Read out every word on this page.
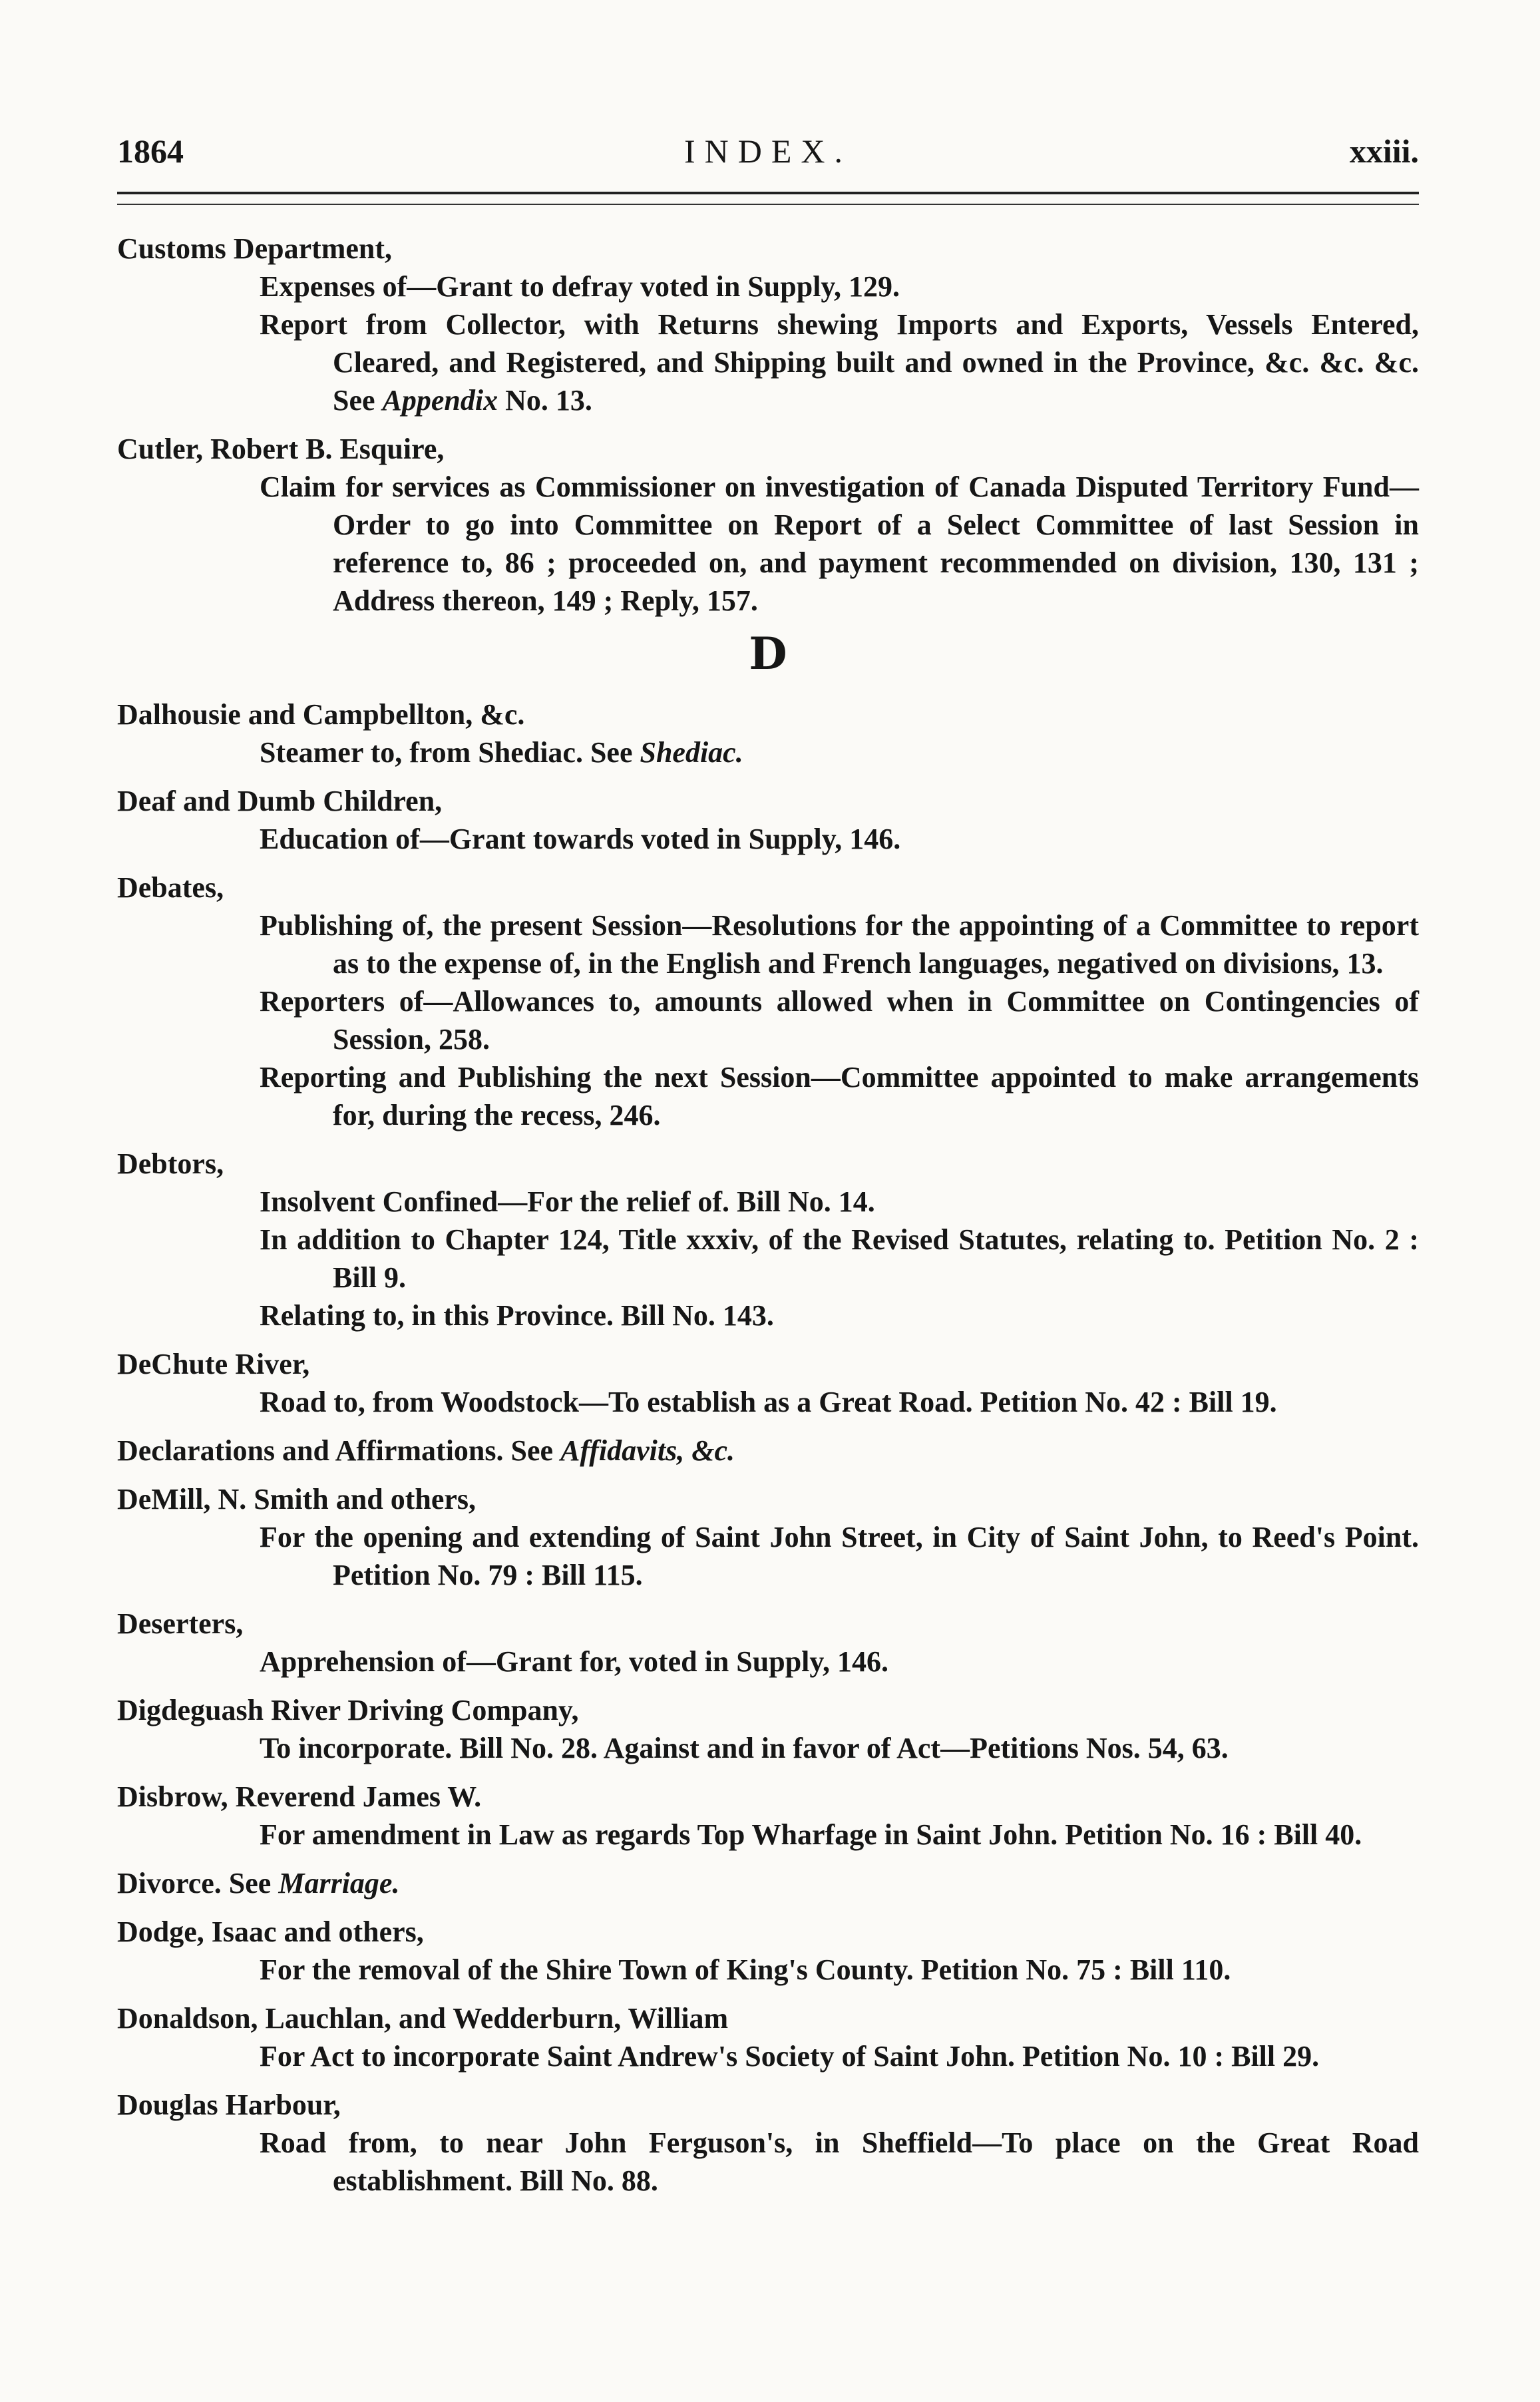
1864	INDEX.	xxiii.
Customs Department,
Expenses of—Grant to defray voted in Supply, 129.
Report from Collector, with Returns shewing Imports and Exports, Vessels Entered, Cleared, and Registered, and Shipping built and owned in the Province, &c. &c. &c. See Appendix No. 13.
Cutler, Robert B. Esquire,
Claim for services as Commissioner on investigation of Canada Disputed Territory Fund—Order to go into Committee on Report of a Select Committee of last Session in reference to, 86 ; proceeded on, and payment recommended on division, 130, 131 ; Address thereon, 149 ; Reply, 157.
D
Dalhousie and Campbellton, &c.
Steamer to, from Shediac. See Shediac.
Deaf and Dumb Children,
Education of—Grant towards voted in Supply, 146.
Debates,
Publishing of, the present Session—Resolutions for the appointing of a Committee to report as to the expense of, in the English and French languages, negatived on divisions, 13.
Reporters of—Allowances to, amounts allowed when in Committee on Contingencies of Session, 258.
Reporting and Publishing the next Session—Committee appointed to make arrangements for, during the recess, 246.
Debtors,
Insolvent Confined—For the relief of. Bill No. 14.
In addition to Chapter 124, Title xxxiv, of the Revised Statutes, relating to. Petition No. 2 : Bill 9.
Relating to, in this Province. Bill No. 143.
DeChute River,
Road to, from Woodstock—To establish as a Great Road. Petition No. 42 : Bill 19.
Declarations and Affirmations. See Affidavits, &c.
DeMill, N. Smith and others,
For the opening and extending of Saint John Street, in City of Saint John, to Reed's Point. Petition No. 79 : Bill 115.
Deserters,
Apprehension of—Grant for, voted in Supply, 146.
Digdeguash River Driving Company,
To incorporate. Bill No. 28. Against and in favor of Act—Petitions Nos. 54, 63.
Disbrow, Reverend James W.
For amendment in Law as regards Top Wharfage in Saint John. Petition No. 16 : Bill 40.
Divorce. See Marriage.
Dodge, Isaac and others,
For the removal of the Shire Town of King's County. Petition No. 75 : Bill 110.
Donaldson, Lauchlan, and Wedderburn, William
For Act to incorporate Saint Andrew's Society of Saint John. Petition No. 10 : Bill 29.
Douglas Harbour,
Road from, to near John Ferguson's, in Sheffield—To place on the Great Road establishment. Bill No. 88.
